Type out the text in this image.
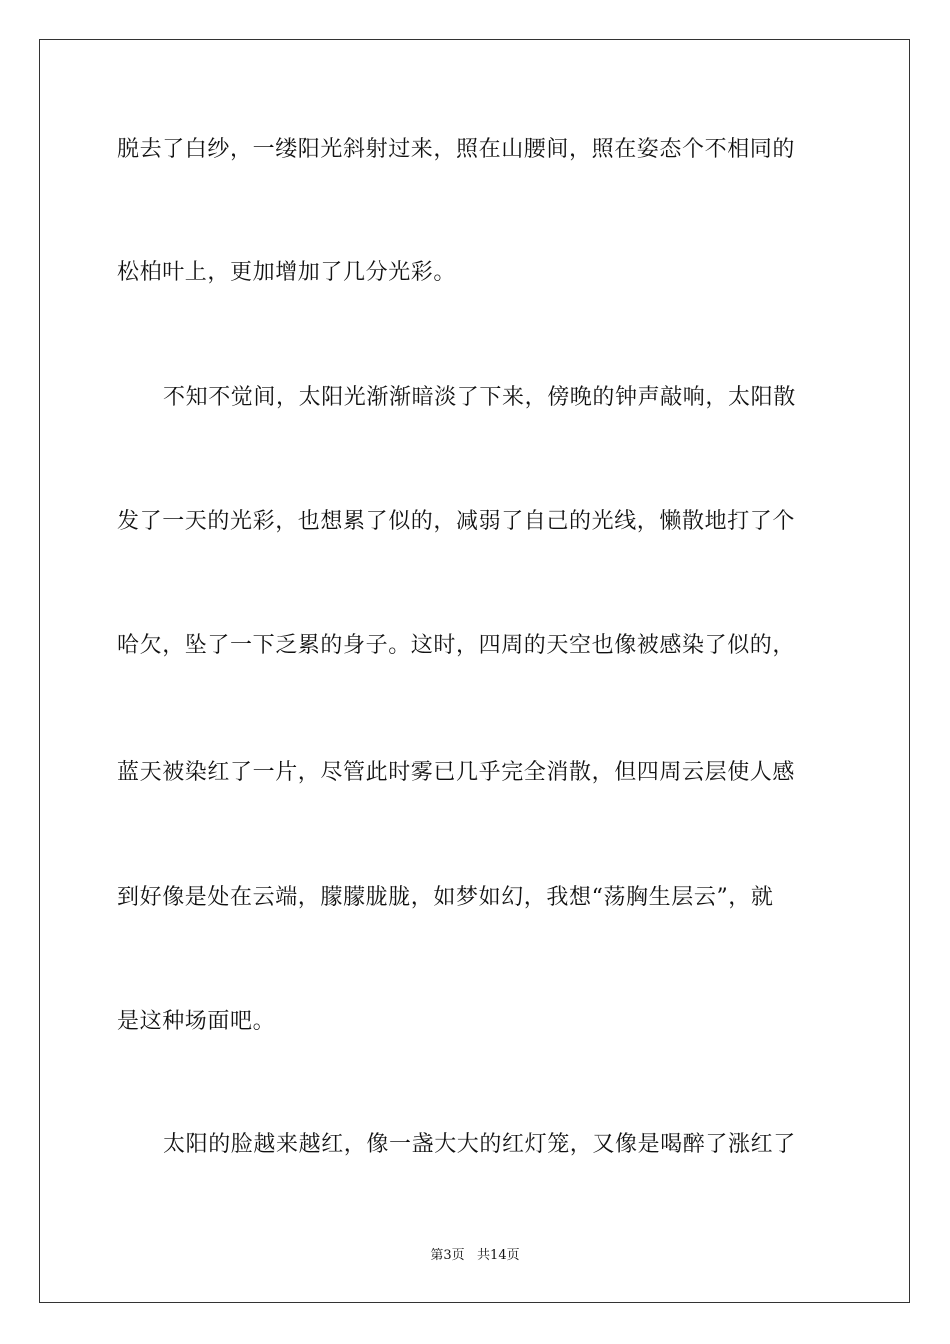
脱去了白纱，一缕阳光斜射过来，照在山腰间，照在姿态个不相同的
松柏叶上，更加增加了几分光彩。
不知不觉间，太阳光渐渐暗淡了下来，傍晚的钟声敲响，太阳散
发了一天的光彩，也想累了似的，减弱了自己的光线，懒散地打了个
哈欠，坠了一下乏累的身子。这时，四周的天空也像被感染了似的，
蓝天被染红了一片，尽管此时雾已几乎完全消散，但四周云层使人感
到好像是处在云端，朦朦胧胧，如梦如幻，我想“荡胸生层云”，就
是这种场面吧。
太阳的脸越来越红，像一盏大大的红灯笼，又像是喝醉了涨红了
第3页   共14页
